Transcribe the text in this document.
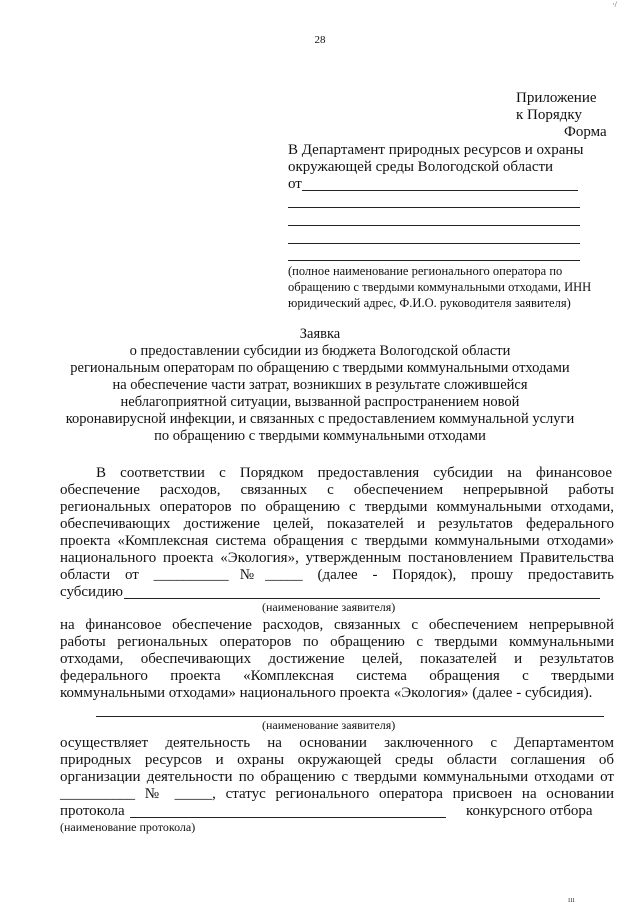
28
·/
Приложение
к Порядку
Форма
В Департамент природных ресурсов и охраны
окружающей среды Вологодской области
от
(полное наименование регионального оператора по
обращению с твердыми коммунальными отходами, ИНН
юридический адрес, Ф.И.О. руководителя заявителя)
Заявка
о предоставлении субсидии из бюджета Вологодской области
региональным операторам по обращению с твердыми коммунальными отходами
на обеспечение части затрат, возникших в результате сложившейся
неблагоприятной ситуации, вызванной распространением новой
коронавирусной инфекции, и связанных с предоставлением коммунальной услуги
по обращению с твердыми коммунальными отходами
В соответствии с Порядком предоставления субсидии на финансовое
обеспечение расходов, связанных с обеспечением непрерывной работы
региональных операторов по обращению с твердыми коммунальными отходами,
обеспечивающих достижение целей, показателей и результатов федерального
проекта «Комплексная система обращения с твердыми коммунальными отходами»
национального проекта «Экология», утвержденным постановлением Правительства
области от __________№_____ (далее - Порядок), прошу предоставить
субсидию
(наименование заявителя)
на финансовое обеспечение расходов, связанных с обеспечением непрерывной
работы региональных операторов по обращению с твердыми коммунальными
отходами, обеспечивающих достижение целей, показателей и результатов
федерального проекта «Комплексная система обращения с твердыми
коммунальными отходами» национального проекта «Экология» (далее - субсидия).
(наименование заявителя)
осуществляет деятельность на основании заключенного с Департаментом
природных ресурсов и охраны окружающей среды области соглашения об
организации деятельности по обращению с твердыми коммунальными отходами от
__________ № _____, статус регионального оператора присвоен на основании
протокола	конкурсного отбора
(наименование протокола)
ııı
